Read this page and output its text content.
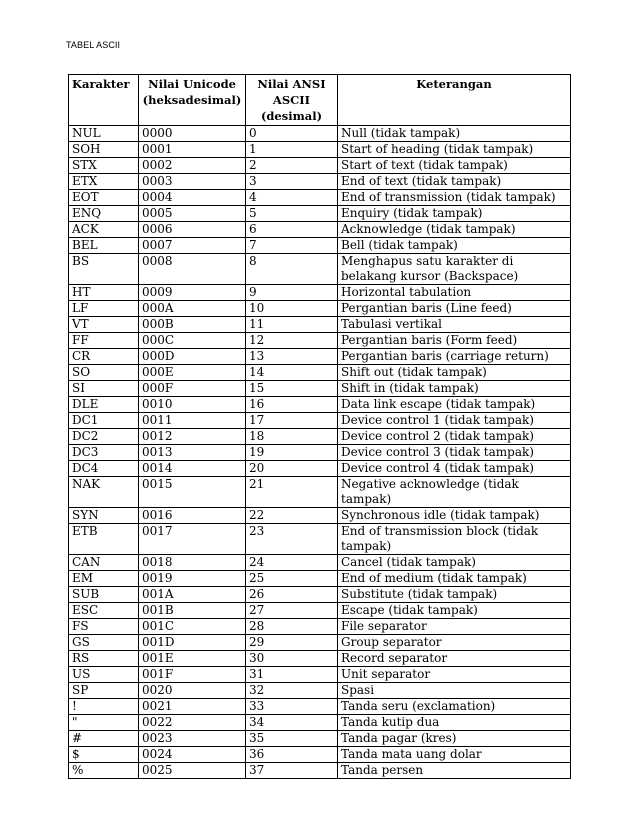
TABEL ASCII
Karakter	Nilai Unicode (heksadesimal)	Nilai ANSI ASCII (desimal)	Keterangan
NUL	0000	0	Null (tidak tampak)
SOH	0001	1	Start of heading (tidak tampak)
STX	0002	2	Start of text (tidak tampak)
ETX	0003	3	End of text (tidak tampak)
EOT	0004	4	End of transmission (tidak tampak)
ENQ	0005	5	Enquiry (tidak tampak)
ACK	0006	6	Acknowledge (tidak tampak)
BEL	0007	7	Bell (tidak tampak)
BS	0008	8	Menghapus satu karakter di belakang kursor (Backspace)
HT	0009	9	Horizontal tabulation
LF	000A	10	Pergantian baris (Line feed)
VT	000B	11	Tabulasi vertikal
FF	000C	12	Pergantian baris (Form feed)
CR	000D	13	Pergantian baris (carriage return)
SO	000E	14	Shift out (tidak tampak)
SI	000F	15	Shift in (tidak tampak)
DLE	0010	16	Data link escape (tidak tampak)
DC1	0011	17	Device control 1 (tidak tampak)
DC2	0012	18	Device control 2 (tidak tampak)
DC3	0013	19	Device control 3 (tidak tampak)
DC4	0014	20	Device control 4 (tidak tampak)
NAK	0015	21	Negative acknowledge (tidak tampak)
SYN	0016	22	Synchronous idle (tidak tampak)
ETB	0017	23	End of transmission block (tidak tampak)
CAN	0018	24	Cancel (tidak tampak)
EM	0019	25	End of medium (tidak tampak)
SUB	001A	26	Substitute (tidak tampak)
ESC	001B	27	Escape (tidak tampak)
FS	001C	28	File separator
GS	001D	29	Group separator
RS	001E	30	Record separator
US	001F	31	Unit separator
SP	0020	32	Spasi
!	0021	33	Tanda seru (exclamation)
"	0022	34	Tanda kutip dua
#	0023	35	Tanda pagar (kres)
$	0024	36	Tanda mata uang dolar
%	0025	37	Tanda persen
